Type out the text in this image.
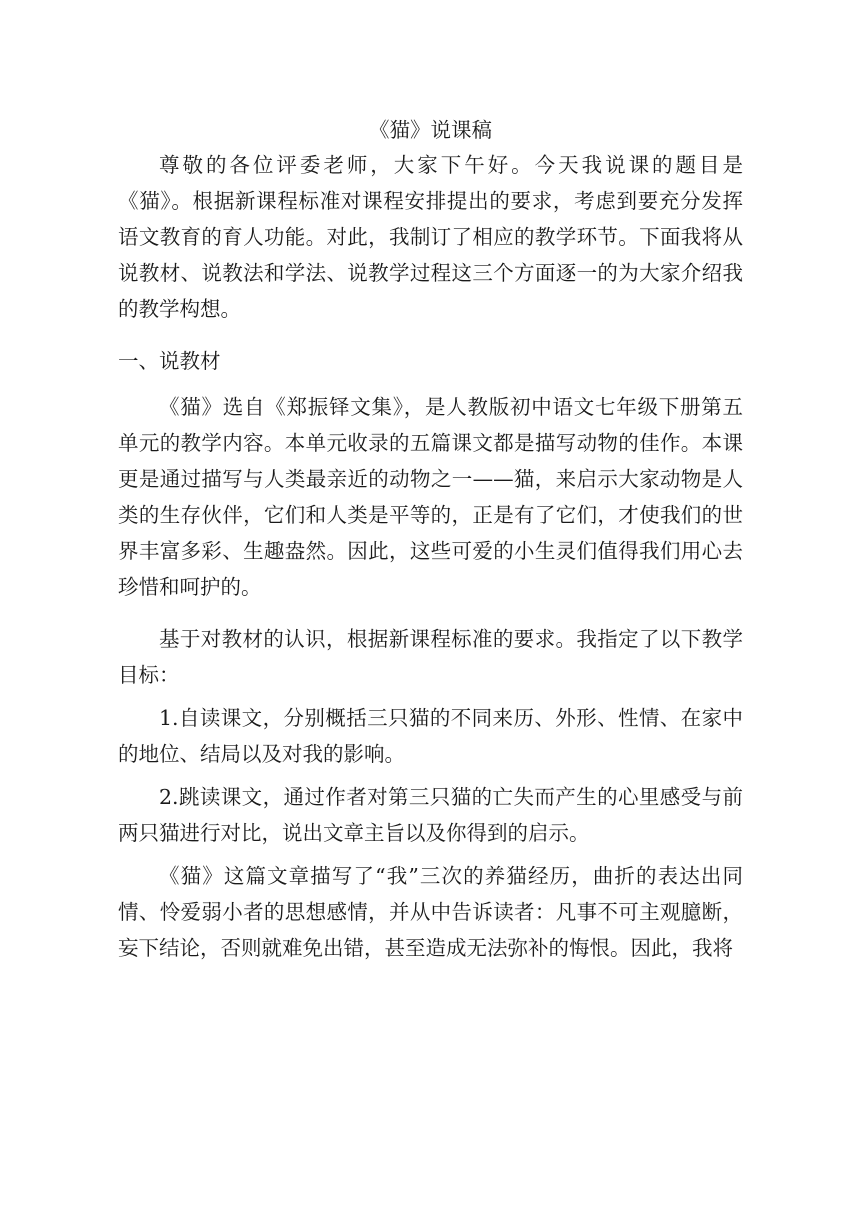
《猫》说课稿

尊敬的各位评委老师，大家下午好。今天我说课的题目是《猫》。根据新课程标准对课程安排提出的要求，考虑到要充分发挥语文教育的育人功能。对此，我制订了相应的教学环节。下面我将从说教材、说教法和学法、说教学过程这三个方面逐一的为大家介绍我的教学构想。

一、说教材

《猫》选自《郑振铎文集》，是人教版初中语文七年级下册第五单元的教学内容。本单元收录的五篇课文都是描写动物的佳作。本课更是通过描写与人类最亲近的动物之一——猫，来启示大家动物是人类的生存伙伴，它们和人类是平等的，正是有了它们，才使我们的世界丰富多彩、生趣盎然。因此，这些可爱的小生灵们值得我们用心去珍惜和呵护的。

基于对教材的认识，根据新课程标准的要求。我指定了以下教学目标：

1.自读课文，分别概括三只猫的不同来历、外形、性情、在家中的地位、结局以及对我的影响。

2.跳读课文，通过作者对第三只猫的亡失而产生的心里感受与前两只猫进行对比，说出文章主旨以及你得到的启示。

《猫》这篇文章描写了“我”三次的养猫经历，曲折的表达出同情、怜爱弱小者的思想感情，并从中告诉读者：凡事不可主观臆断，妄下结论，否则就难免出错，甚至造成无法弥补的悔恨。因此，我将
